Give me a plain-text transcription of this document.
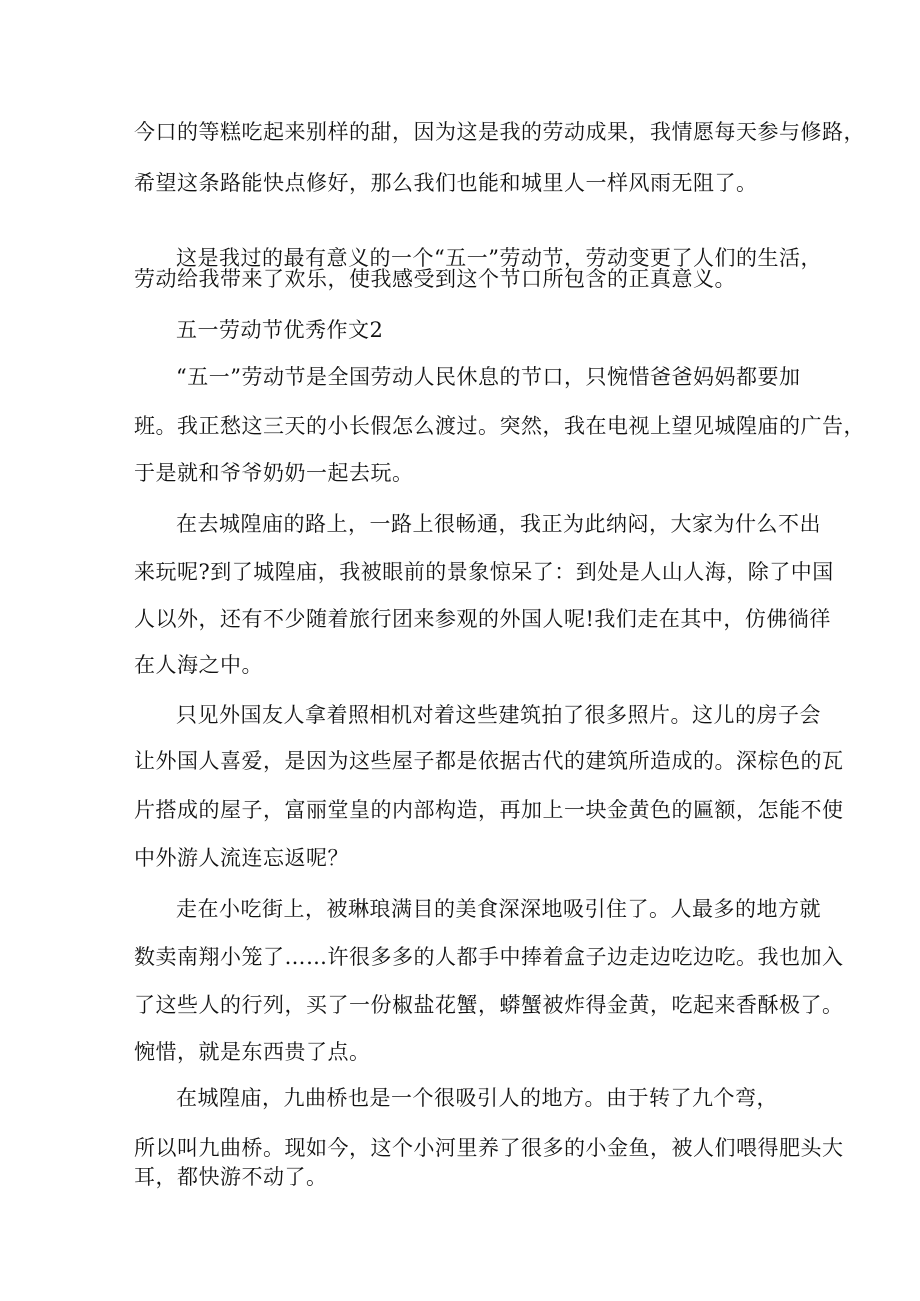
今口的等糕吃起来别样的甜，因为这是我的劳动成果，我情愿每天参与修路，
希望这条路能快点修好，那么我们也能和城里人一样风雨无阻了。
这是我过的最有意义的一个“五一”劳动节，劳动变更了人们的生活，
劳动给我带来了欢乐，使我感受到这个节口所包含的正真意义。
五一劳动节优秀作文2
“五一”劳动节是全国劳动人民休息的节口，只惋惜爸爸妈妈都要加
班。我正愁这三天的小长假怎么渡过。突然，我在电视上望见城隍庙的广告，
于是就和爷爷奶奶一起去玩。
在去城隍庙的路上，一路上很畅通，我正为此纳闷，大家为什么不出
来玩呢?到了城隍庙，我被眼前的景象惊呆了：到处是人山人海，除了中国
人以外，还有不少随着旅行团来参观的外国人呢!我们走在其中，仿佛徜徉
在人海之中。
只见外国友人拿着照相机对着这些建筑拍了很多照片。这儿的房子会
让外国人喜爱，是因为这些屋子都是依据古代的建筑所造成的。深棕色的瓦
片搭成的屋子，富丽堂皇的内部构造，再加上一块金黄色的匾额，怎能不使
中外游人流连忘返呢？
走在小吃街上，被琳琅满目的美食深深地吸引住了。人最多的地方就
数卖南翔小笼了……许很多多的人都手中捧着盒子边走边吃边吃。我也加入
了这些人的行列，买了一份椒盐花蟹，蟒蟹被炸得金黄，吃起来香酥极了。
惋惜，就是东西贵了点。
在城隍庙，九曲桥也是一个很吸引人的地方。由于转了九个弯，
所以叫九曲桥。现如今，这个小河里养了很多的小金鱼，被人们喂得肥头大
耳，都快游不动了。
